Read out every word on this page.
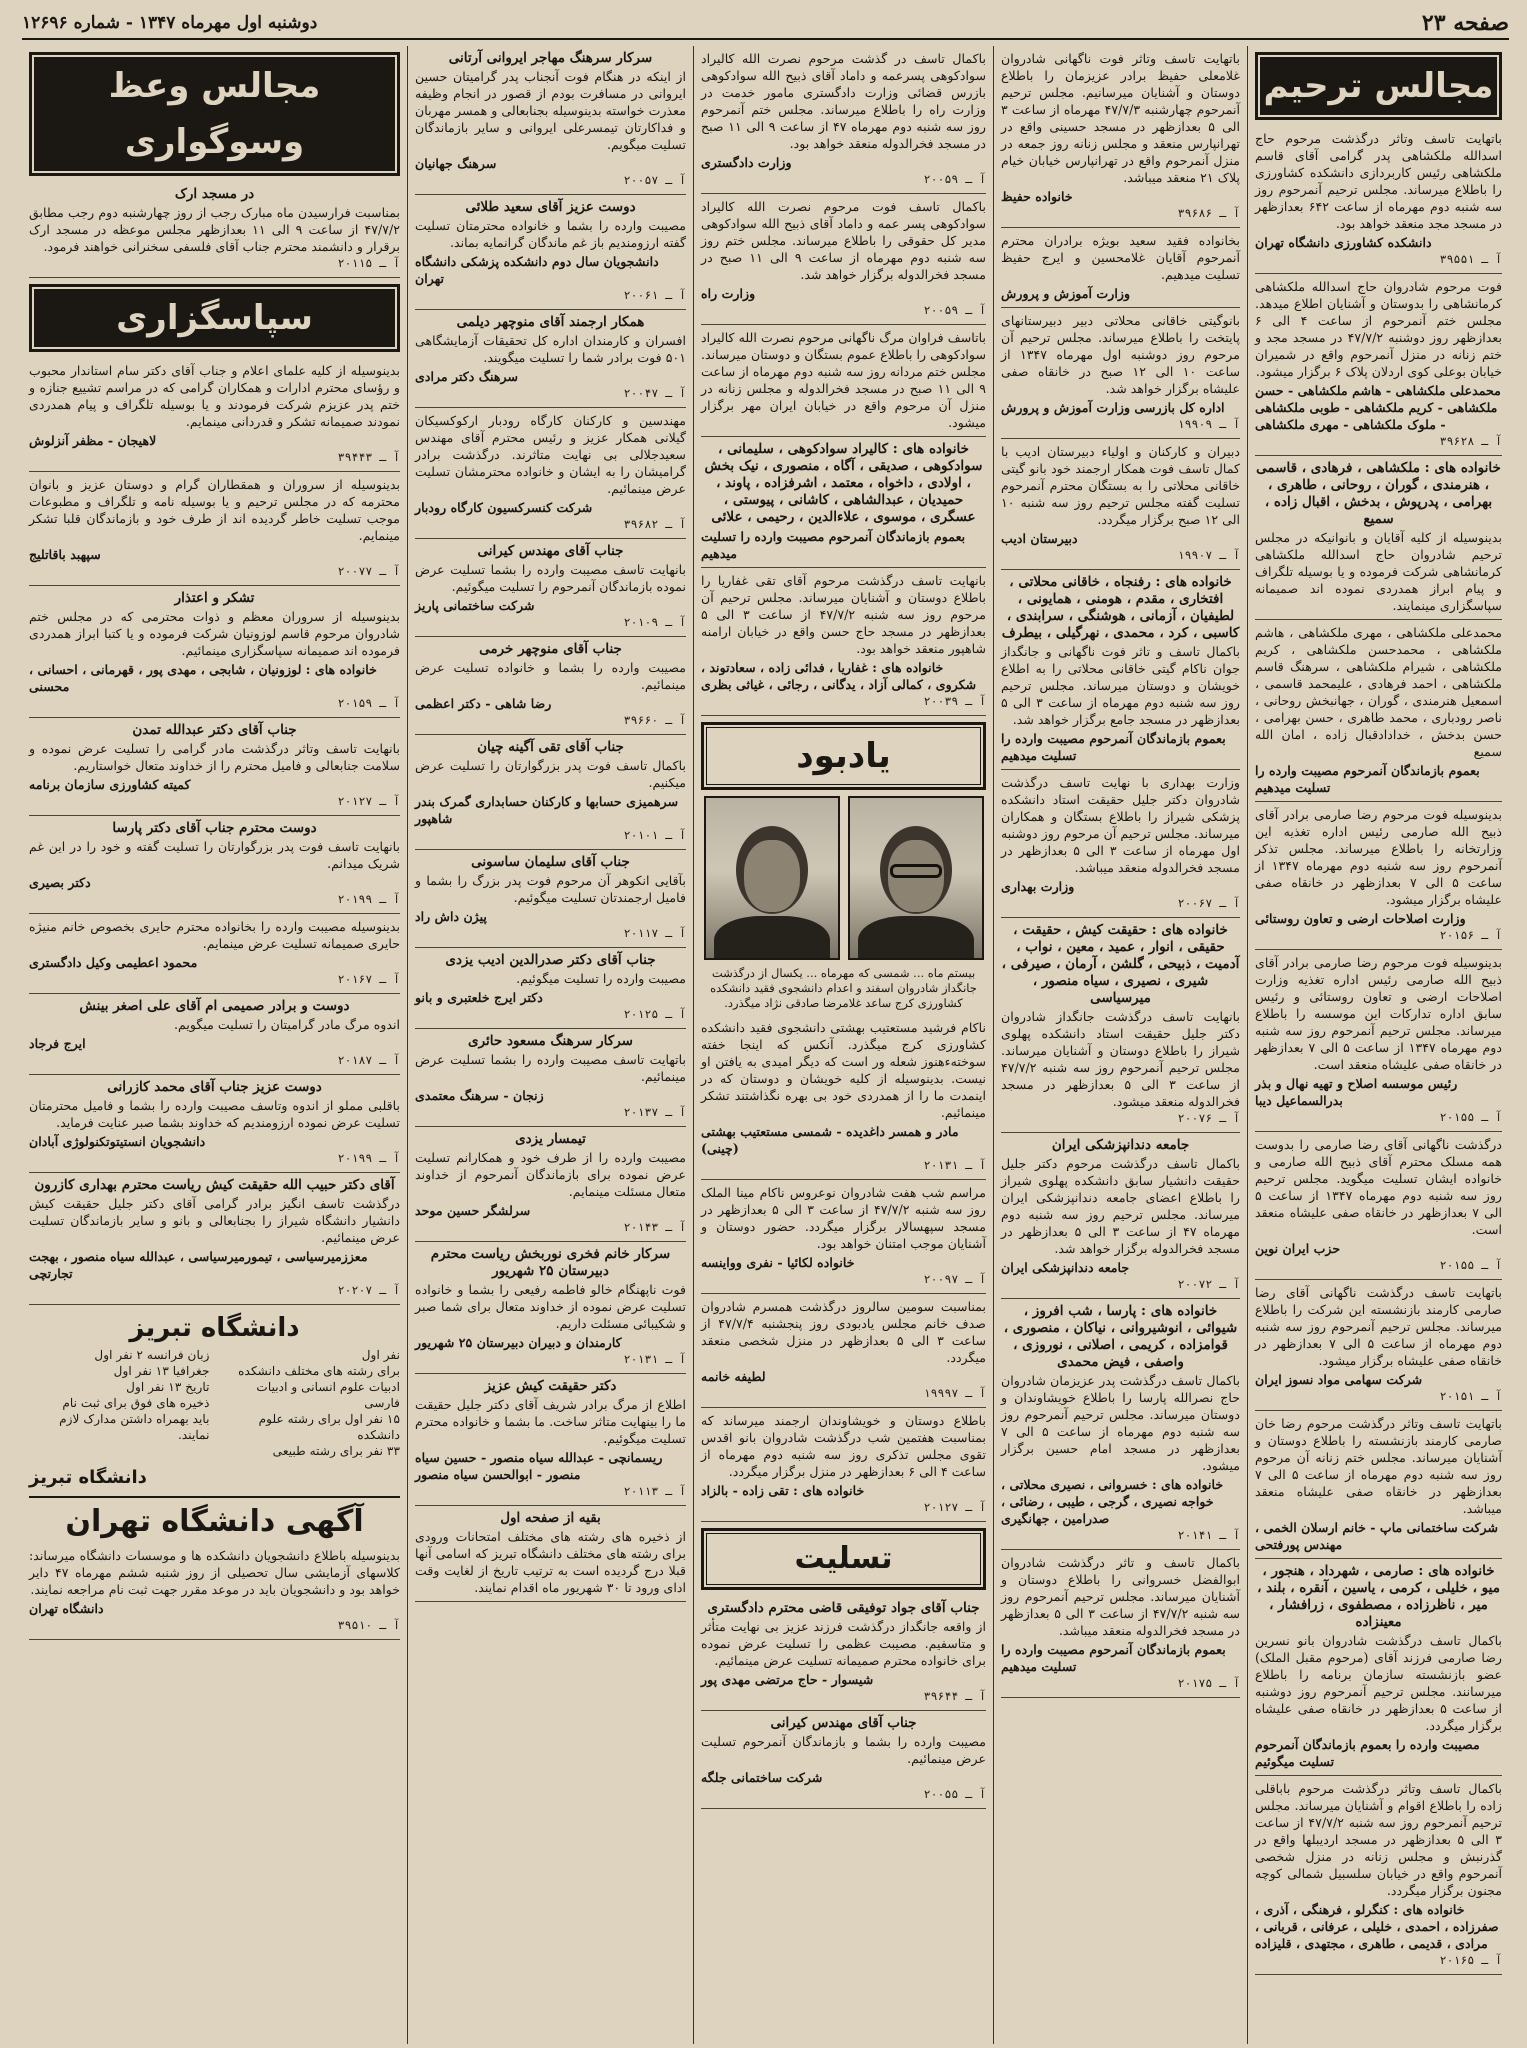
صفحه ۲۳
دوشنبه اول مهرماه ۱۳۴۷ - شماره ۱۲۶۹۶
مجالس ترحیم
باتهایت تاسف وتاثر درگذشت مرحوم حاج اسدالله ملکشاهی پدر گرامی آقای قاسم ملکشاهی رئیس کاربردازی دانشکده کشاورزی را باطلاع میرساند. مجلس ترحیم آنمرحوم روز سه شنبه دوم مهرماه از ساعت ۶۴۲ بعدازظهر در مسجد مجد منعقد خواهد بود.
دانشکده کشاورزی دانشگاه تهران
آ ـ ۳۹۵۵۱
فوت مرحوم شادروان حاج اسدالله ملکشاهی کرمانشاهی را بدوستان و آشنایان اطلاع میدهد. مجلس ختم آنمرحوم از ساعت ۴ الی ۶ بعدازظهر روز دوشنبه ۴۷/۷/۲ در مسجد مجد و ختم زنانه در منزل آنمرحوم واقع در شمیران خیابان بوعلی کوی اردلان پلاک ۶ برگزار میشود.
محمدعلی ملکشاهی - هاشم ملکشاهی - حسن ملکشاهی - کریم ملکشاهی - طوبی ملکشاهی - ملوک ملکشاهی - مهری ملکشاهی
آ ـ ۳۹۶۲۸
خانواده های : ملکشاهی ، فرهادی ، قاسمی ، هنرمندی ، گوران ، روحانی ، طاهری ، بهرامی ، پدرپوش ، بدخش ، اقبال زاده ، سمیع
بدینوسیله از کلیه آقایان و بانوانیکه در مجلس ترحیم شادروان حاج اسدالله ملکشاهی کرمانشاهی شرکت فرموده و یا بوسیله تلگراف و پیام ابراز همدردی نموده اند صمیمانه سپاسگزاری مینمایند.
محمدعلی ملکشاهی ، مهری ملکشاهی ، هاشم ملکشاهی ، محمدحسن ملکشاهی ، کریم ملکشاهی ، شیرام ملکشاهی ، سرهنگ قاسم ملکشاهی ، احمد فرهادی ، علیمحمد قاسمی ، اسمعیل هنرمندی ، گوران ، جهانبخش روحانی ، ناصر رودباری ، محمد طاهری ، حسن بهرامی ، حسن بدخش ، خدادادقبال زاده ، امان الله سمیع
بعموم بازماندگان آنمرحوم مصیبت وارده را تسلیت میدهیم
بدینوسیله فوت مرحوم رضا صارمی برادر آقای ذبیح الله صارمی رئیس اداره تغذیه این وزارتخانه را باطلاع میرساند. مجلس تذکر آنمرحوم روز سه شنبه دوم مهرماه ۱۳۴۷ از ساعت ۵ الی ۷ بعدازظهر در خانقاه صفی علیشاه برگزار میشود.
وزارت اصلاحات ارضی و تعاون روستائی
آ ـ ۲۰۱۵۶
بدینوسیله فوت مرحوم رضا صارمی برادر آقای ذبیح الله صارمی رئیس اداره تغذیه وزارت اصلاحات ارضی و تعاون روستائی و رئیس سابق اداره تدارکات این موسسه را باطلاع میرساند. مجلس ترحیم آنمرحوم روز سه شنبه دوم مهرماه ۱۳۴۷ از ساعت ۵ الی ۷ بعدازظهر در خانقاه صفی علیشاه منعقد است.
رئیس موسسه اصلاح و تهیه نهال و بذر بدرالسماعیل دیبا
آ ـ ۲۰۱۵۵
درگذشت ناگهانی آقای رضا صارمی را بدوست همه مسلک محترم آقای ذبیح الله صارمی و خانواده ایشان تسلیت میگوید. مجلس ترحیم روز سه شنبه دوم مهرماه ۱۳۴۷ از ساعت ۵ الی ۷ بعدازظهر در خانقاه صفی علیشاه منعقد است.
حزب ایران نوین
آ ـ ۲۰۱۵۵
باتهایت تاسف درگذشت ناگهانی آقای رضا صارمی کارمند بازنشسته این شرکت را باطلاع میرساند. مجلس ترحیم آنمرحوم روز سه شنبه دوم مهرماه از ساعت ۵ الی ۷ بعدازظهر در خانقاه صفی علیشاه برگزار میشود.
شرکت سهامی مواد نسوز ایران
آ ـ ۲۰۱۵۱
باتهایت تاسف وتاثر درگذشت مرحوم رضا خان صارمی کارمند بازنشسته را باطلاع دوستان و آشنایان میرساند. مجلس ختم زنانه آن مرحوم روز سه شنبه دوم مهرماه از ساعت ۵ الی ۷ بعدازظهر در خانقاه صفی علیشاه منعقد میباشد.
شرکت ساختمانی ماپ - خانم ارسلان الخمی ، مهندس پورفتحی
خانواده های : صارمی ، شهرداد ، هنجور ، میو ، خلیلی ، کرمی ، یاسین ، آنقره ، بلند ، میر ، ناظرزاده ، مصطفوی ، زرافشار ، معینزاده
باکمال تاسف درگذشت شادروان بانو نسرین رضا صارمی فرزند آقای (مرحوم مقبل الملک) عضو بازنشسته سازمان برنامه را باطلاع میرسانند. مجلس ترحیم آنمرحوم روز دوشنبه از ساعت ۵ بعدازظهر در خانقاه صفی علیشاه برگزار میگردد.
مصیبت وارده را بعموم بازماندگان آنمرحوم تسلیت میگوئیم
باکمال تاسف وتاثر درگذشت مرحوم باباقلی زاده را باطلاع اقوام و آشنایان میرساند. مجلس ترحیم آنمرحوم روز سه شنبه ۴۷/۷/۲ از ساعت ۳ الی ۵ بعدازظهر در مسجد اردیبلها واقع در گذرنبش و مجلس زنانه در منزل شخصی آنمرحوم واقع در خیابان سلسبیل شمالی کوچه مجنون برگزار میگردد.
خانواده های : کنگرلو ، فرهنگی ، آذری ، صفرزاده ، احمدی ، خلیلی ، عرفانی ، قربانی ، مرادی ، قدیمی ، طاهری ، مجتهدی ، قلیزاده
آ ـ ۲۰۱۶۵
باتهایت تاسف وتاثر فوت ناگهانی شادروان غلامعلی حفیظ برادر عزیزمان را باطلاع دوستان و آشنایان میرسانیم. مجلس ترحیم آنمرحوم چهارشنبه ۴۷/۷/۳ مهرماه از ساعت ۳ الی ۵ بعدازظهر در مسجد حسینی واقع در تهرانپارس منعقد و مجلس زنانه روز جمعه در منزل آنمرحوم واقع در تهرانپارس خیابان خیام پلاک ۲۱ منعقد میباشد.
خانواده حفیظ
آ ـ ۳۹۶۸۶
بخانواده فقید سعید بویژه برادران محترم آنمرحوم آقایان غلامحسین و ایرج حفیظ تسلیت میدهیم.
وزارت آموزش و پرورش
بانوگیتی خاقانی محلاتی دبیر دبیرستانهای پایتخت را باطلاع میرساند. مجلس ترحیم آن مرحوم روز دوشنبه اول مهرماه ۱۳۴۷ از ساعت ۱۰ الی ۱۲ صبح در خانقاه صفی علیشاه برگزار خواهد شد.
اداره کل بازرسی وزارت آموزش و پرورش
آ ـ ۱۹۹۰۹
دبیران و کارکنان و اولیاء دبیرستان ادیب با کمال تاسف فوت همکار ارجمند خود بانو گیتی خاقانی محلاتی را به بستگان محترم آنمرحوم تسلیت گفته مجلس ترحیم روز سه شنبه ۱۰ الی ۱۲ صبح برگزار میگردد.
دبیرستان ادیب
آ ـ ۱۹۹۰۷
خانواده های : رفنجاه ، خاقانی محلاتی ، افتخاری ، مقدم ، هومنی ، همایونی ، لطیفیان ، آزمانی ، هوشنگی ، سرابندی ، کاسبی ، کرد ، محمدی ، نهرگیلی ، بیطرف
باکمال تاسف و تاثر فوت ناگهانی و جانگداز جوان ناکام گیتی خاقانی محلاتی را به اطلاع خویشان و دوستان میرساند. مجلس ترحیم روز سه شنبه دوم مهرماه از ساعت ۳ الی ۵ بعدازظهر در مسجد جامع برگزار خواهد شد.
بعموم بازماندگان آنمرحوم مصیبت وارده را تسلیت میدهیم
وزارت بهداری با نهایت تاسف درگذشت شادروان دکتر جلیل حقیقت استاد دانشکده پزشکی شیراز را باطلاع بستگان و همکاران میرساند. مجلس ترحیم آن مرحوم روز دوشنبه اول مهرماه از ساعت ۳ الی ۵ بعدازظهر در مسجد فخرالدوله منعقد میباشد.
وزارت بهداری
آ ـ ۲۰۰۶۷
خانواده های : حقیقت کیش ، حقیقت ، حقیقی ، انوار ، عمید ، معین ، نواب ، آدمیت ، ذبیحی ، گلشن ، آرمان ، صیرفی ، شیری ، نصیری ، سیاه منصور ، میرسیاسی
بانهایت تاسف درگذشت جانگداز شادروان دکتر جلیل حقیقت استاد دانشکده پهلوی شیراز را باطلاع دوستان و آشنایان میرساند. مجلس ترحیم آنمرحوم روز سه شنبه ۴۷/۷/۲ از ساعت ۳ الی ۵ بعدازظهر در مسجد فخرالدوله منعقد میشود.
آ ـ ۲۰۰۷۶
جامعه دندانپزشکی ایران
باکمال تاسف درگذشت مرحوم دکتر جلیل حقیقت دانشیار سابق دانشکده پهلوی شیراز را باطلاع اعضای جامعه دندانپزشکی ایران میرساند. مجلس ترحیم روز سه شنبه دوم مهرماه ۴۷ از ساعت ۳ الی ۵ بعدازظهر در مسجد فخرالدوله برگزار خواهد شد.
جامعه دندانپزشکی ایران
آ ـ ۲۰۰۷۲
خانواده های : پارسا ، شب افروز ، شیوائی ، انوشیروانی ، نیاکان ، منصوری ، قوامزاده ، کریمی ، اصلانی ، نوروزی ، واصفی ، فیض محمدی
باکمال تاسف درگذشت پدر عزیزمان شادروان حاج نصرالله پارسا را باطلاع خویشاوندان و دوستان میرساند. مجلس ترحیم آنمرحوم روز سه شنبه دوم مهرماه از ساعت ۵ الی ۷ بعدازظهر در مسجد امام حسین برگزار میشود.
خانواده های : خسروانی ، نصیری محلاتی ، خواجه نصیری ، گرجی ، طیبی ، رضائی ، صدرامین ، جهانگیری
آ ـ ۲۰۱۴۱
باکمال تاسف و تاثر درگذشت شادروان ابوالفضل خسروانی را باطلاع دوستان و آشنایان میرساند. مجلس ترحیم آنمرحوم روز سه شنبه ۴۷/۷/۲ از ساعت ۳ الی ۵ بعدازظهر در مسجد فخرالدوله منعقد میباشد.
بعموم بازماندگان آنمرحوم مصیبت وارده را تسلیت میدهیم
آ ـ ۲۰۱۷۵
باکمال تاسف در گذشت مرحوم نصرت الله کالیراد سوادکوهی پسرعمه و داماد آقای ذبیح الله سوادکوهی بازرس قضائی وزارت دادگستری مامور خدمت در وزارت راه را باطلاع میرساند. مجلس ختم آنمرحوم روز سه شنبه دوم مهرماه ۴۷ از ساعت ۹ الی ۱۱ صبح در مسجد فخرالدوله منعقد خواهد بود.
وزارت دادگستری
آ ـ ۲۰۰۵۹
باکمال تاسف فوت مرحوم نصرت الله کالیراد سوادکوهی پسر عمه و داماد آقای ذبیح الله سوادکوهی مدیر کل حقوقی را باطلاع میرساند. مجلس ختم روز سه شنبه دوم مهرماه از ساعت ۹ الی ۱۱ صبح در مسجد فخرالدوله برگزار خواهد شد.
وزارت راه
آ ـ ۲۰۰۵۹
باتاسف فراوان مرگ ناگهانی مرحوم نصرت الله کالیراد سوادکوهی را باطلاع عموم بستگان و دوستان میرساند. مجلس ختم مردانه روز سه شنبه دوم مهرماه از ساعت ۹ الی ۱۱ صبح در مسجد فخرالدوله و مجلس زنانه در منزل آن مرحوم واقع در خیابان ایران مهر برگزار میشود.
خانواده های : کالیراد سوادکوهی ، سلیمانی ، سوادکوهی ، صدیقی ، آگاه ، منصوری ، نیک بخش ، اولادی ، داخواه ، معتمد ، اشرفزاده ، پاوند ، حمیدیان ، عبدالشاهی ، کاشانی ، پیوستی ، عسگری ، موسوی ، علاءالدین ، رحیمی ، علائی
بعموم بازماندگان آنمرحوم مصیبت وارده را تسلیت میدهیم
بانهایت تاسف درگذشت مرحوم آقای تقی غفاریا را باطلاع دوستان و آشنایان میرساند. مجلس ترحیم آن مرحوم روز سه شنبه ۴۷/۷/۲ از ساعت ۳ الی ۵ بعدازظهر در مسجد حاج حسن واقع در خیابان ارامنه شاهپور منعقد خواهد بود.
خانواده های : غفاریا ، فدائی زاده ، سعادتوند ، شکروی ، کمالی آزاد ، یدگانی ، رجائی ، غیاثی بظری
آ ـ ۲۰۰۳۹
یادبود
بیستم ماه ... شمسی که مهرماه ... یکسال از درگذشت جانگداز شادروان اسفند و اعدام دانشجوی فقید دانشکده کشاورزی کرج ساعد غلامرضا صادقی نژاد میگذرد.
ناکام فرشید مستعتیب بهشتی دانشجوی فقید دانشکده کشاورزی کرج میگذرد. آنکس که اینجا خفته سوختهءهنوز شعله ور است که دیگر امیدی به یافتن او نیست. بدینوسیله از کلیه خویشان و دوستان که در اینمدت ما را از همدردی خود بی بهره نگذاشتند تشکر مینمائیم.
مادر و همسر داغدیده - شمسی مستعتیب بهشتی (چینی)
آ ـ ۲۰۱۳۱
مراسم شب هفت شادروان نوعروس ناکام مینا الملک روز سه شنبه ۴۷/۷/۲ از ساعت ۳ الی ۵ بعدازظهر در مسجد سپهسالار برگزار میگردد. حضور دوستان و آشنایان موجب امتنان خواهد بود.
خانواده لکائیا - نفری وواینسه
آ ـ ۲۰۰۹۷
بمناسبت سومین سالروز درگذشت همسرم شادروان صدف خانم مجلس یادبودی روز پنجشنبه ۴۷/۷/۴ از ساعت ۳ الی ۵ بعدازظهر در منزل شخصی منعقد میگردد.
لطیفه خانمه
آ ـ ۱۹۹۹۷
باطلاع دوستان و خویشاوندان ارجمند میرساند که بمناسبت هفتمین شب درگذشت شادروان بانو اقدس تقوی مجلس تذکری روز سه شنبه دوم مهرماه از ساعت ۴ الی ۶ بعدازظهر در منزل برگزار میگردد.
خانواده های : تقی زاده - بالزاد
آ ـ ۲۰۱۲۷
تسلیت
جناب آقای جواد توفیقی قاضی محترم دادگستری
از واقعه جانگداز درگذشت فرزند عزیز بی نهایت متأثر و متاسفیم. مصیبت عظمی را تسلیت عرض نموده برای خانواده محترم صمیمانه تسلیت عرض مینمائیم.
شیسوار - حاج مرتضی مهدی پور
آ ـ ۳۹۶۴۴
جناب آقای مهندس کیرانی
مصیبت وارده را بشما و بازماندگان آنمرحوم تسلیت عرض مینمائیم.
شرکت ساختمانی جلگه
آ ـ ۲۰۰۵۵
سرکار سرهنگ مهاجر ایروانی آرتانی
از اینکه در هنگام فوت آنجناب پدر گرامیتان حسین ایروانی در مسافرت بودم از قصور در انجام وظیفه معذرت خواسته بدینوسیله بجنابعالی و همسر مهربان و فداکارتان تیمسرعلی ایروانی و سایر بازماندگان تسلیت میگویم.
سرهنگ جهانیان
آ ـ ۲۰۰۵۷
دوست عزیز آقای سعید طلائی
مصیبت وارده را بشما و خانواده محترمتان تسلیت گفته ارزومندیم باز غم ماندگان گرانمایه بماند.
دانشجویان سال دوم دانشکده پزشکی دانشگاه تهران
آ ـ ۲۰۰۶۱
همکار ارجمند آقای منوچهر دیلمی
افسران و کارمندان اداره کل تحقیقات آزمایشگاهی ۵۰۱ فوت برادر شما را تسلیت میگویند.
سرهنگ دکتر مرادی
آ ـ ۲۰۰۴۷
مهندسین و کارکنان کارگاه رودبار ارکوکسیکان گیلانی همکار عزیز و رئیس محترم آقای مهندس سعیدجلالی بی نهایت متاثرند. درگذشت برادر گرامیشان را به ایشان و خانواده محترمشان تسلیت عرض مینمائیم.
شرکت کنسرکسیون کارگاه رودبار
آ ـ ۳۹۶۸۲
جناب آقای مهندس کیرانی
بانهایت تاسف مصیبت وارده را بشما تسلیت عرض نموده بازماندگان آنمرحوم را تسلیت میگوئیم.
شرکت ساختمانی پاریز
آ ـ ۲۰۱۰۹
جناب آقای منوچهر خرمی
مصیبت وارده را بشما و خانواده تسلیت عرض مینمائیم.
رضا شاهی - دکتر اعظمی
آ ـ ۳۹۶۶۰
جناب آقای تقی آگینه چیان
باکمال تاسف فوت پدر بزرگوارتان را تسلیت عرض میکنیم.
سرهمیزی حسابها و کارکنان حسابداری گمرک بندر شاهپور
آ ـ ۲۰۱۰۱
جناب آقای سلیمان ساسونی
بآقایی انکوهر آن مرحوم فوت پدر بزرگ را بشما و فامیل ارجمندتان تسلیت میگوئیم.
پیژن داش راد
آ ـ ۲۰۱۱۷
جناب آقای دکتر صدرالدین ادیب یزدی
مصیبت وارده را تسلیت میگوئیم.
دکتر ایرج خلعتبری و بانو
آ ـ ۲۰۱۲۵
سرکار سرهنگ مسعود حائری
باتهایت تاسف مصیبت وارده را بشما تسلیت عرض مینمائیم.
زنجان - سرهنگ معتمدی
آ ـ ۲۰۱۳۷
تیمسار یزدی
مصیبت وارده را از طرف خود و همکارانم تسلیت عرض نموده برای بازماندگان آنمرحوم از خداوند متعال مسئلت مینمایم.
سرلشگر حسین موحد
آ ـ ۲۰۱۴۳
سرکار خانم فخری نوربخش ریاست محترم دبیرستان ۲۵ شهریور
فوت ناپهنگام خالو فاطمه رفیعی را بشما و خانواده تسلیت عرض نموده از خداوند متعال برای شما صبر و شکیبائی مسئلت داریم.
کارمندان و دبیران دبیرستان ۲۵ شهریور
آ ـ ۲۰۱۳۱
دکتر حقیقت کیش عزیز
اطلاع از مرگ برادر شریف آقای دکتر جلیل حقیقت ما را بینهایت متاثر ساخت. ما بشما و خانواده محترم تسلیت میگوئیم.
ریسمانچی - عبدالله سیاه منصور - حسین سیاه منصور - ابوالحسن سیاه منصور
آ ـ ۲۰۱۱۳
بقیه از صفحه اول
از ذخیره های رشته های مختلف امتحانات ورودی برای رشته های مختلف دانشگاه تبریز که اسامی آنها قبلا درج گردیده است به ترتیب تاریخ از لغایت وقت ادای ورود تا ۳۰ شهریور ماه اقدام نمایند.
مجالس وعظ وسوگواری
در مسجد ارک
بمناسبت فرارسیدن ماه مبارک رجب از روز چهارشنبه دوم رجب مطابق ۴۷/۷/۲ از ساعت ۹ الی ۱۱ بعدازظهر مجلس موعظه در مسجد ارک برقرار و دانشمند محترم جناب آقای فلسفی سخنرانی خواهند فرمود.
آ ـ ۲۰۱۱۵
سپاسگزاری
بدینوسیله از کلیه علمای اعلام و جناب آقای دکتر سام استاندار محبوب و رؤسای محترم ادارات و همکاران گرامی که در مراسم تشییع جنازه و ختم پدر عزیزم شرکت فرمودند و یا بوسیله تلگراف و پیام همدردی نمودند صمیمانه تشکر و قدردانی مینمایم.
لاهیجان - مظفر آنزلوش
آ ـ ۳۹۴۴۳
بدینوسیله از سروران و همقطاران گرام و دوستان عزیز و بانوان محترمه که در مجلس ترحیم و یا بوسیله نامه و تلگراف و مطبوعات موجب تسلیت خاطر گردیده اند از طرف خود و بازماندگان قلبا تشکر مینمایم.
سپهبد باقاتلیج
آ ـ ۲۰۰۷۷
تشکر و اعتذار
بدینوسیله از سروران معظم و ذوات محترمی که در مجلس ختم شادروان مرحوم قاسم لوزونیان شرکت فرموده و یا کتبا ابراز همدردی فرموده اند صمیمانه سپاسگزاری مینمائیم.
خانواده های : لوزونیان ، شابجی ، مهدی پور ، قهرمانی ، احسانی ، محسنی
آ ـ ۲۰۱۵۹
جناب آقای دکتر عبدالله تمدن
بانهایت تاسف وتاثر درگذشت مادر گرامی را تسلیت عرض نموده و سلامت جنابعالی و فامیل محترم را از خداوند متعال خواستاریم.
کمیته کشاورزی سازمان برنامه
آ ـ ۲۰۱۲۷
دوست محترم جناب آقای دکتر پارسا
بانهایت تاسف فوت پدر بزرگوارتان را تسلیت گفته و خود را در این غم شریک میدانم.
دکتر بصیری
آ ـ ۲۰۱۹۹
بدینوسیله مصیبت وارده را بخانواده محترم حایری بخصوص خانم منیژه حایری صمیمانه تسلیت عرض مینمایم.
محمود اعطیمی وکیل دادگستری
آ ـ ۲۰۱۶۷
دوست و برادر صمیمی ام آقای علی اصغر بینش
اندوه مرگ مادر گرامیتان را تسلیت میگویم.
ایرج فرجاد
آ ـ ۲۰۱۸۷
دوست عزیز جناب آقای محمد کازرانی
باقلبی مملو از اندوه وتاسف مصیبت وارده را بشما و فامیل محترمتان تسلیت عرض نموده ارزومندیم که خداوند بشما صبر عنایت فرماید.
دانشجویان انستیتوتکنولوژی آبادان
آ ـ ۲۰۱۹۹
آقای دکتر حبیب الله حقیقت کیش ریاست محترم بهداری کازرون
درگذشت تاسف انگیز برادر گرامی آقای دکتر جلیل حقیقت کیش دانشیار دانشگاه شیراز را بجنابعالی و بانو و سایر بازماندگان تسلیت عرض مینمائیم.
معززمیرسیاسی ، تیمورمیرسیاسی ، عبدالله سیاه منصور ، بهجت تجارتچی
آ ـ ۲۰۲۰۷
دانشگاه تبریز
نفر اول
برای رشته های مختلف دانشکده
ادبیات علوم انسانی و ادبیات فارسی
۱۵ نفر اول برای رشته علوم دانشکده
۳۳ نفر برای رشته طبیعی
زبان فرانسه ۲ نفر اول
جغرافیا ۱۳ نفر اول
تاریخ ۱۳ نفر اول
ذخیره های فوق برای ثبت نام
باید بهمراه داشتن مدارک لازم نمایند.
دانشگاه تبریز
آگهی دانشگاه تهران
بدینوسیله باطلاع دانشجویان دانشکده ها و موسسات دانشگاه میرساند: کلاسهای آزمایشی سال تحصیلی از روز شنبه ششم مهرماه ۴۷ دایر خواهد بود و دانشجویان باید در موعد مقرر جهت ثبت نام مراجعه نمایند.
دانشگاه تهران
آ ـ ۳۹۵۱۰
